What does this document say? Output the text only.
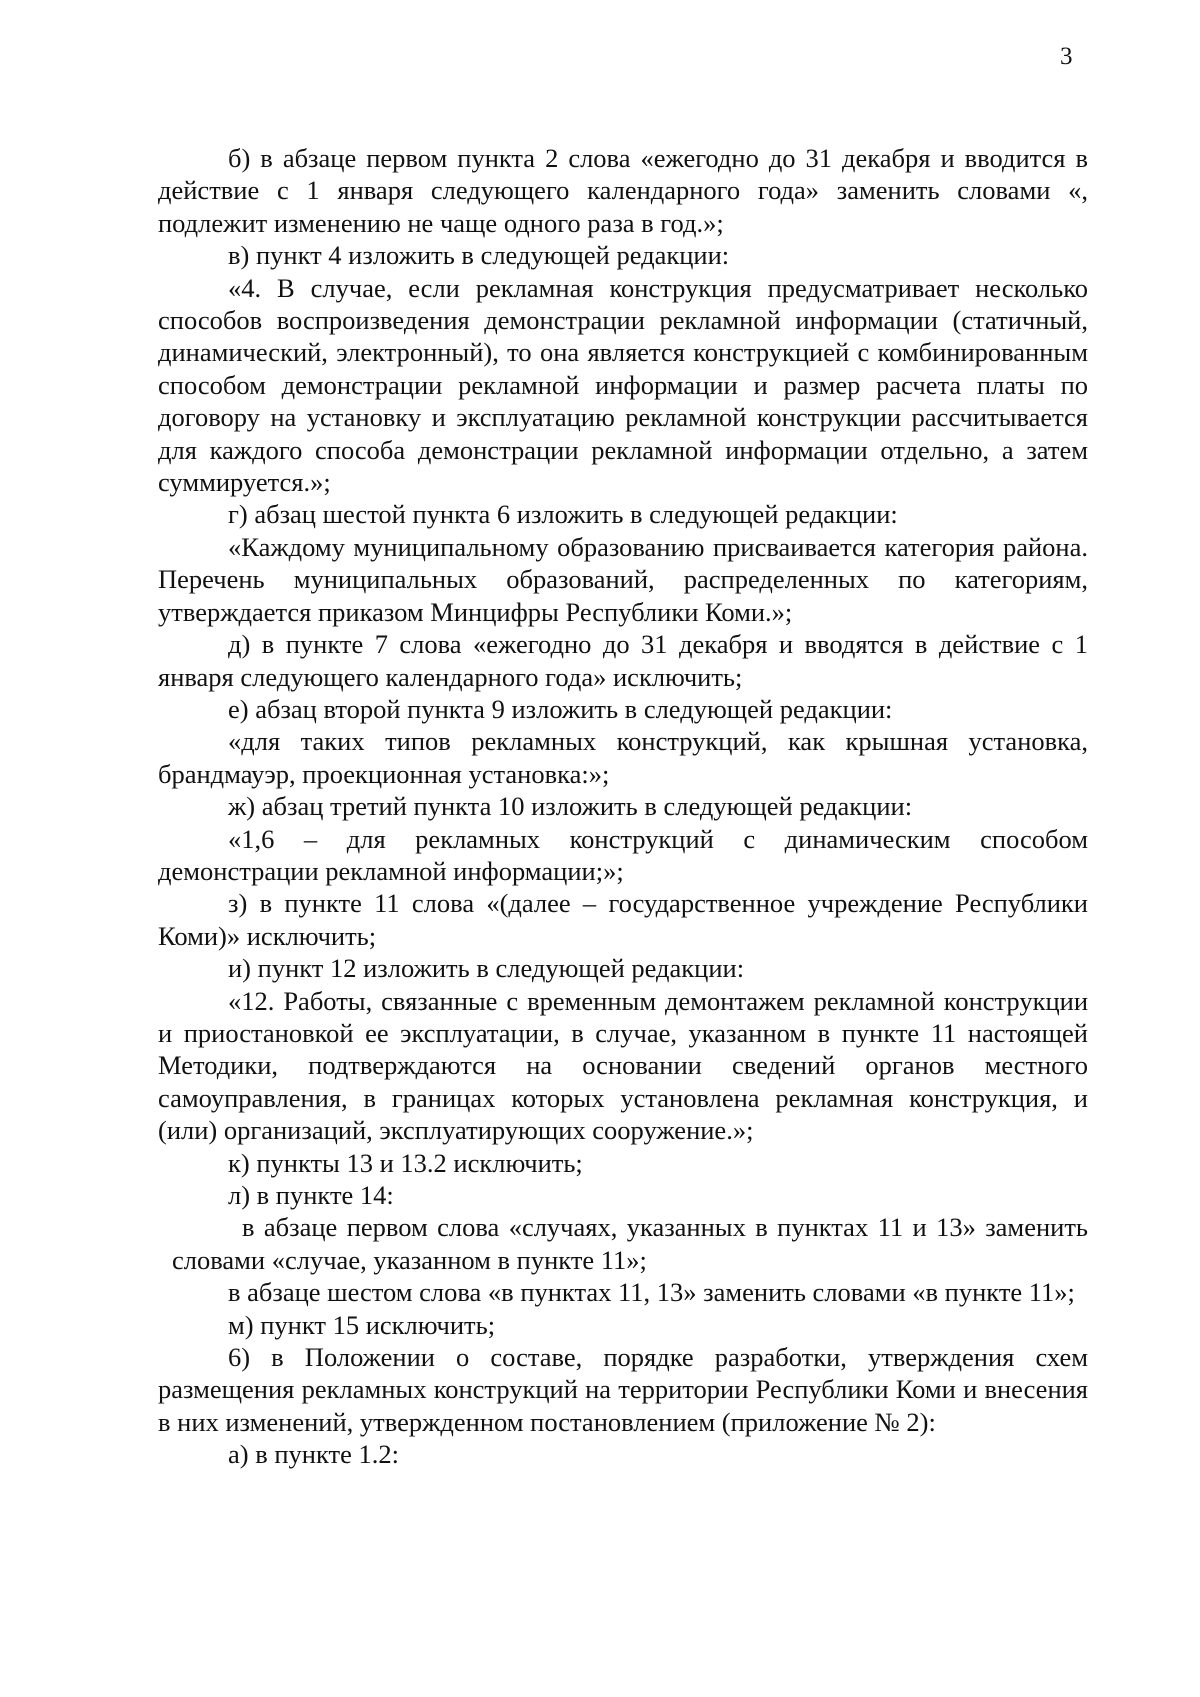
3

б) в абзаце первом пункта 2 слова «ежегодно до 31 декабря и вводится в действие с 1 января следующего календарного года» заменить словами «, подлежит изменению не чаще одного раза в год.»;

в) пункт 4 изложить в следующей редакции:

«4. В случае, если рекламная конструкция предусматривает несколько способов воспроизведения демонстрации рекламной информации (статичный, динамический, электронный), то она является конструкцией с комбинированным способом демонстрации рекламной информации и размер расчета платы по договору на установку и эксплуатацию рекламной конструкции рассчитывается для каждого способа демонстрации рекламной информации отдельно, а затем суммируется.»;

г) абзац шестой пункта 6 изложить в следующей редакции:

«Каждому муниципальному образованию присваивается категория района. Перечень муниципальных образований, распределенных по категориям, утверждается приказом Минцифры Республики Коми.»;

д) в пункте 7 слова «ежегодно до 31 декабря и вводятся в действие с 1 января следующего календарного года» исключить;

е) абзац второй пункта 9 изложить в следующей редакции:

«для таких типов рекламных конструкций, как крышная установка, брандмауэр, проекционная установка:»;

ж) абзац третий пункта 10 изложить в следующей редакции:

«1,6 – для рекламных конструкций с динамическим способом демонстрации рекламной информации;»;

з) в пункте 11 слова «(далее – государственное учреждение Республики Коми)» исключить;

и) пункт 12 изложить в следующей редакции:

«12. Работы, связанные с временным демонтажем рекламной конструкции и приостановкой ее эксплуатации, в случае, указанном в пункте 11 настоящей Методики, подтверждаются на основании сведений органов местного самоуправления, в границах которых установлена рекламная конструкция, и (или) организаций, эксплуатирующих сооружение.»;

к) пункты 13 и 13.2 исключить;

л) в пункте 14:

в абзаце первом слова «случаях, указанных в пунктах 11 и 13» заменить словами «случае, указанном в пункте 11»;

в абзаце шестом слова «в пунктах 11, 13» заменить словами «в пункте 11»;

м) пункт 15 исключить;

6) в Положении о составе, порядке разработки, утверждения схем размещения рекламных конструкций на территории Республики Коми и внесения в них изменений, утвержденном постановлением (приложение № 2):

а) в пункте 1.2:
